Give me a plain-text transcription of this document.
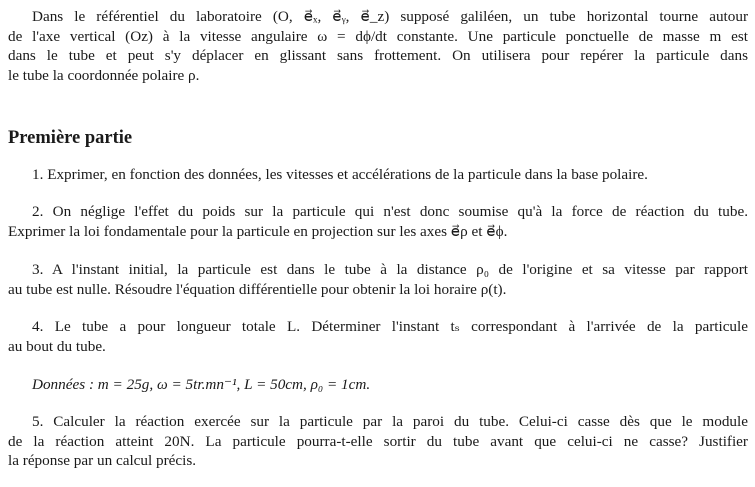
Dans le référentiel du laboratoire (O, e⃗ₓ, e⃗ᵧ, e⃗_z) supposé galiléen, un tube horizontal tourne autour
de l'axe vertical (Oz) à la vitesse angulaire ω = dϕ/dt constante. Une particule ponctuelle de masse m est
dans le tube et peut s'y déplacer en glissant sans frottement. On utilisera pour repérer la particule dans
le tube la coordonnée polaire ρ.
Première partie
1. Exprimer, en fonction des données, les vitesses et accélérations de la particule dans la base polaire.
2. On néglige l'effet du poids sur la particule qui n'est donc soumise qu'à la force de réaction du tube.
Exprimer la loi fondamentale pour la particule en projection sur les axes e⃗ρ et e⃗ϕ.
3. A l'instant initial, la particule est dans le tube à la distance ρ₀ de l'origine et sa vitesse par rapport
au tube est nulle. Résoudre l'équation différentielle pour obtenir la loi horaire ρ(t).
4. Le tube a pour longueur totale L. Déterminer l'instant tₛ correspondant à l'arrivée de la particule
au bout du tube.
Données : m = 25g, ω = 5tr.mn⁻¹, L = 50cm, ρ₀ = 1cm.
5. Calculer la réaction exercée sur la particule par la paroi du tube. Celui-ci casse dès que le module
de la réaction atteint 20N. La particule pourra-t-elle sortir du tube avant que celui-ci ne casse? Justifier
la réponse par un calcul précis.
